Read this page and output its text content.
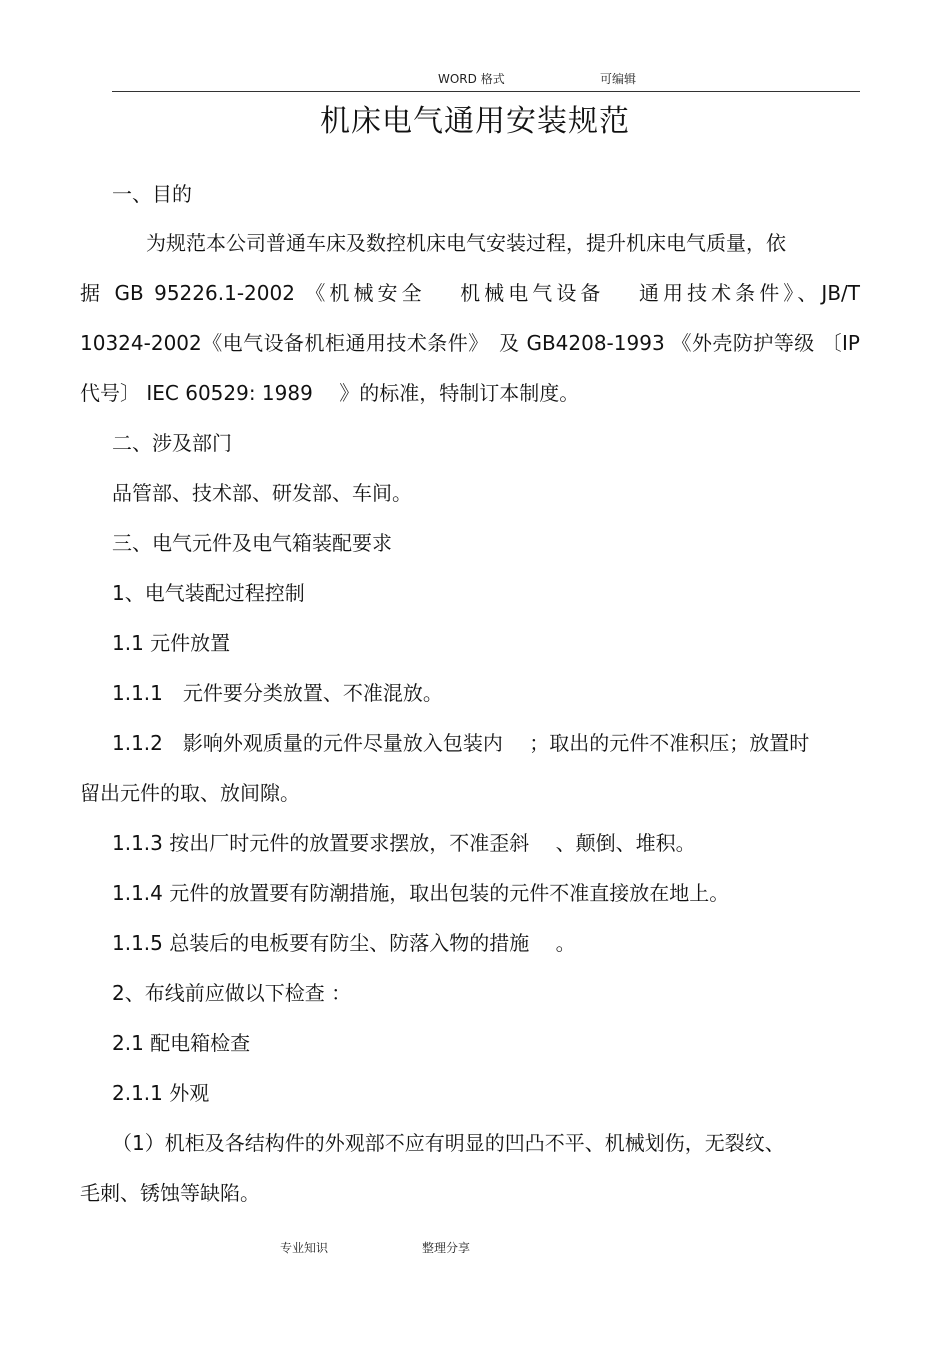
WORD 格式	可编辑
机床电气通用安装规范
一、目的
为规范本公司普通车床及数控机床电气安装过程，提升机床电气质量，依
据 GB 95226.1-2002 《机械安全　 机械电气设备　 通用技术条件》、JB/T
10324-2002《电气设备机柜通用技术条件》　及 GB4208-1993 《外壳防护等级 〔IP
代号〕 IEC 60529: 1989　 》的标准，特制订本制度。
二、涉及部门
品管部、技术部、研发部、车间。
三、电气元件及电气箱装配要求
1、电气装配过程控制
1.1 元件放置
1.1.1　元件要分类放置、不准混放。
1.1.2　影响外观质量的元件尽量放入包装内　 ；取出的元件不准积压；放置时
留出元件的取、放间隙。
1.1.3 按出厂时元件的放置要求摆放，不准歪斜　 、颠倒、堆积。
1.1.4 元件的放置要有防潮措施，取出包装的元件不准直接放在地上。
1.1.5 总装后的电板要有防尘、防落入物的措施　 。
2、布线前应做以下检查 ：
2.1 配电箱检查
2.1.1 外观
（1）机柜及各结构件的外观部不应有明显的凹凸不平、机械划伤，无裂纹、
毛刺、锈蚀等缺陷。
专业知识	整理分享
